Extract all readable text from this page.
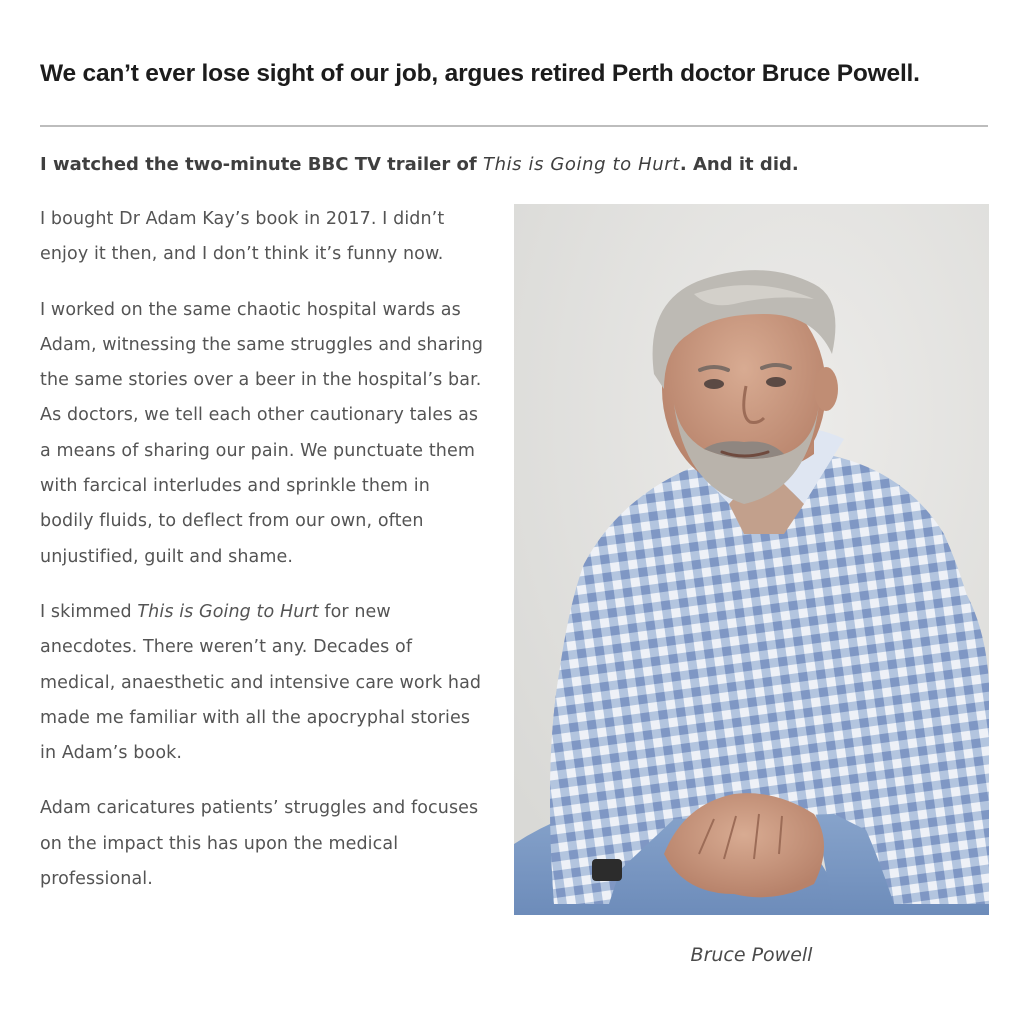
We can’t ever lose sight of our job, argues retired Perth doctor Bruce Powell.

I watched the two-minute BBC TV trailer of This is Going to Hurt. And it did.

I bought Dr Adam Kay’s book in 2017. I didn’t enjoy it then, and I don’t think it’s funny now.

I worked on the same chaotic hospital wards as Adam, witnessing the same struggles and sharing the same stories over a beer in the hospital’s bar. As doctors, we tell each other cautionary tales as a means of sharing our pain. We punctuate them with farcical interludes and sprinkle them in bodily fluids, to deflect from our own, often unjustified, guilt and shame.

I skimmed This is Going to Hurt for new anecdotes. There weren’t any. Decades of medical, anaesthetic and intensive care work had made me familiar with all the apocryphal stories in Adam’s book.

Adam caricatures patients’ struggles and focuses on the impact this has upon the medical professional.

Bruce Powell
